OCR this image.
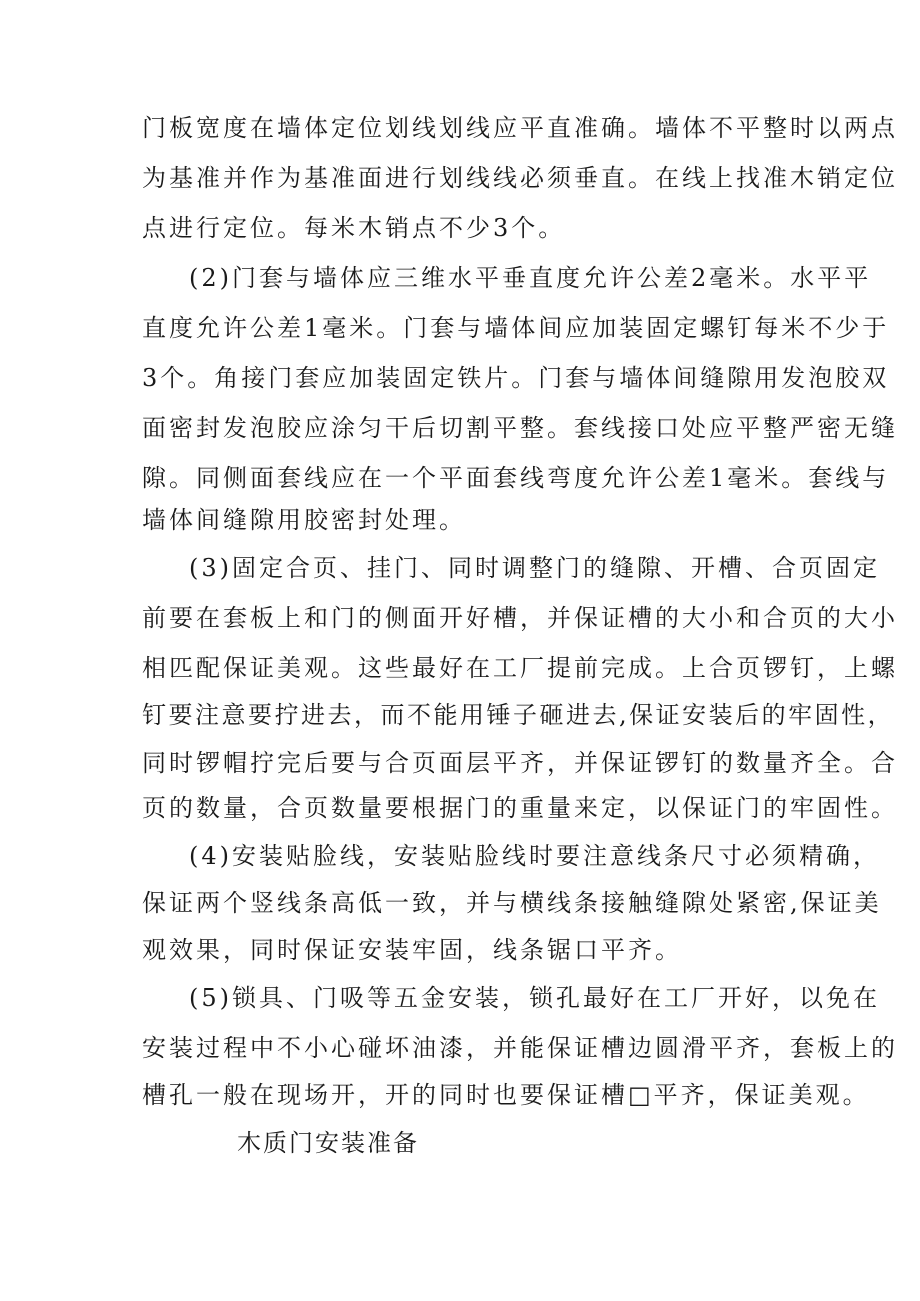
门板宽度在墙体定位划线划线应平直准确。墙体不平整时以两点
为基准并作为基准面进行划线线必须垂直。在线上找准木销定位
点进行定位。每米木销点不少3个。
(2)门套与墙体应三维水平垂直度允许公差2毫米。水平平
直度允许公差1毫米。门套与墙体间应加装固定螺钉每米不少于
3个。角接门套应加装固定铁片。门套与墙体间缝隙用发泡胶双
面密封发泡胶应涂匀干后切割平整。套线接口处应平整严密无缝
隙。同侧面套线应在一个平面套线弯度允许公差1毫米。套线与
墙体间缝隙用胶密封处理。
(3)固定合页、挂门、同时调整门的缝隙、开槽、合页固定
前要在套板上和门的侧面开好槽，并保证槽的大小和合页的大小
相匹配保证美观。这些最好在工厂提前完成。上合页锣钉，上螺
钉要注意要拧进去，而不能用锤子砸进去,保证安装后的牢固性，
同时锣帽拧完后要与合页面层平齐，并保证锣钉的数量齐全。合
页的数量，合页数量要根据门的重量来定，以保证门的牢固性。
(4)安装贴脸线，安装贴脸线时要注意线条尺寸必须精确，
保证两个竖线条高低一致，并与横线条接触缝隙处紧密,保证美
观效果，同时保证安装牢固，线条锯口平齐。
(5)锁具、门吸等五金安装，锁孔最好在工厂开好，以免在
安装过程中不小心碰坏油漆，并能保证槽边圆滑平齐，套板上的
槽孔一般在现场开，开的同时也要保证槽□平齐，保证美观。
木质门安装准备
